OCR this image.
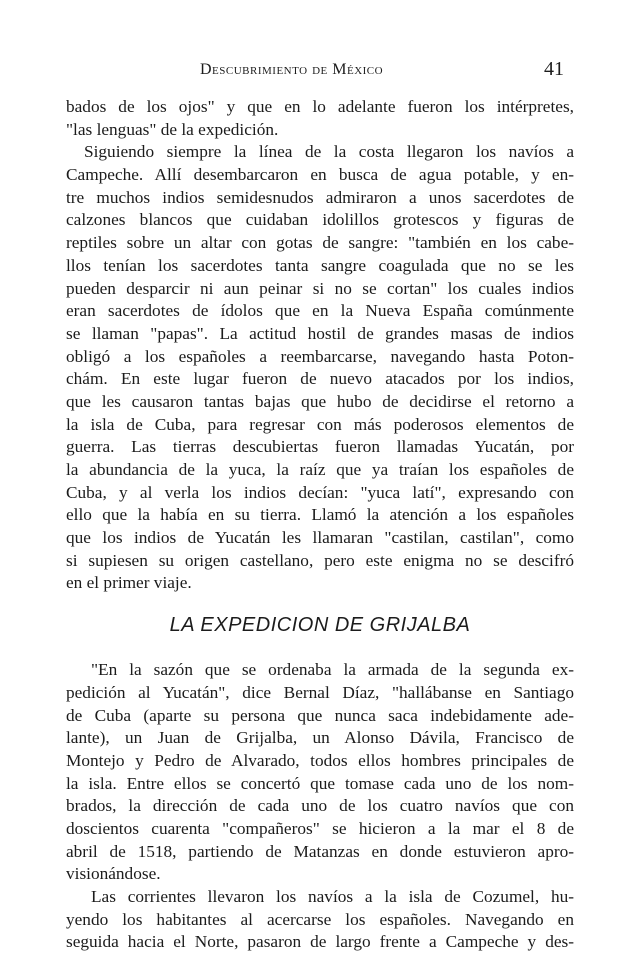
Descubrimiento de México	41

bados de los ojos" y que en lo adelante fueron los intérpretes,
"las lenguas" de la expedición.

Siguiendo siempre la línea de la costa llegaron los navíos a
Campeche. Allí desembarcaron en busca de agua potable, y en-
tre muchos indios semidesnudos admiraron a unos sacerdotes de
calzones blancos que cuidaban idolillos grotescos y figuras de
reptiles sobre un altar con gotas de sangre: "también en los cabe-
llos tenían los sacerdotes tanta sangre coagulada que no se les
pueden desparcir ni aun peinar si no se cortan" los cuales indios
eran sacerdotes de ídolos que en la Nueva España comúnmente
se llaman "papas". La actitud hostil de grandes masas de indios
obligó a los españoles a reembarcarse, navegando hasta Poton-
chám. En este lugar fueron de nuevo atacados por los indios,
que les causaron tantas bajas que hubo de decidirse el retorno a
la isla de Cuba, para regresar con más poderosos elementos de
guerra. Las tierras descubiertas fueron llamadas Yucatán, por
la abundancia de la yuca, la raíz que ya traían los españoles de
Cuba, y al verla los indios decían: "yuca latí", expresando con
ello que la había en su tierra. Llamó la atención a los españoles
que los indios de Yucatán les llamaran "castilan, castilan", como
si supiesen su origen castellano, pero este enigma no se descifró
en el primer viaje.

LA EXPEDICION DE GRIJALBA

"En la sazón que se ordenaba la armada de la segunda ex-
pedición al Yucatán", dice Bernal Díaz, "hallábanse en Santiago
de Cuba (aparte su persona que nunca saca indebidamente ade-
lante), un Juan de Grijalba, un Alonso Dávila, Francisco de
Montejo y Pedro de Alvarado, todos ellos hombres principales de
la isla. Entre ellos se concertó que tomase cada uno de los nom-
brados, la dirección de cada uno de los cuatro navíos que con
doscientos cuarenta "compañeros" se hicieron a la mar el 8 de
abril de 1518, partiendo de Matanzas en donde estuvieron apro-
visionándose.

Las corrientes llevaron los navíos a la isla de Cozumel, hu-
yendo los habitantes al acercarse los españoles. Navegando en
seguida hacia el Norte, pasaron de largo frente a Campeche y des-
